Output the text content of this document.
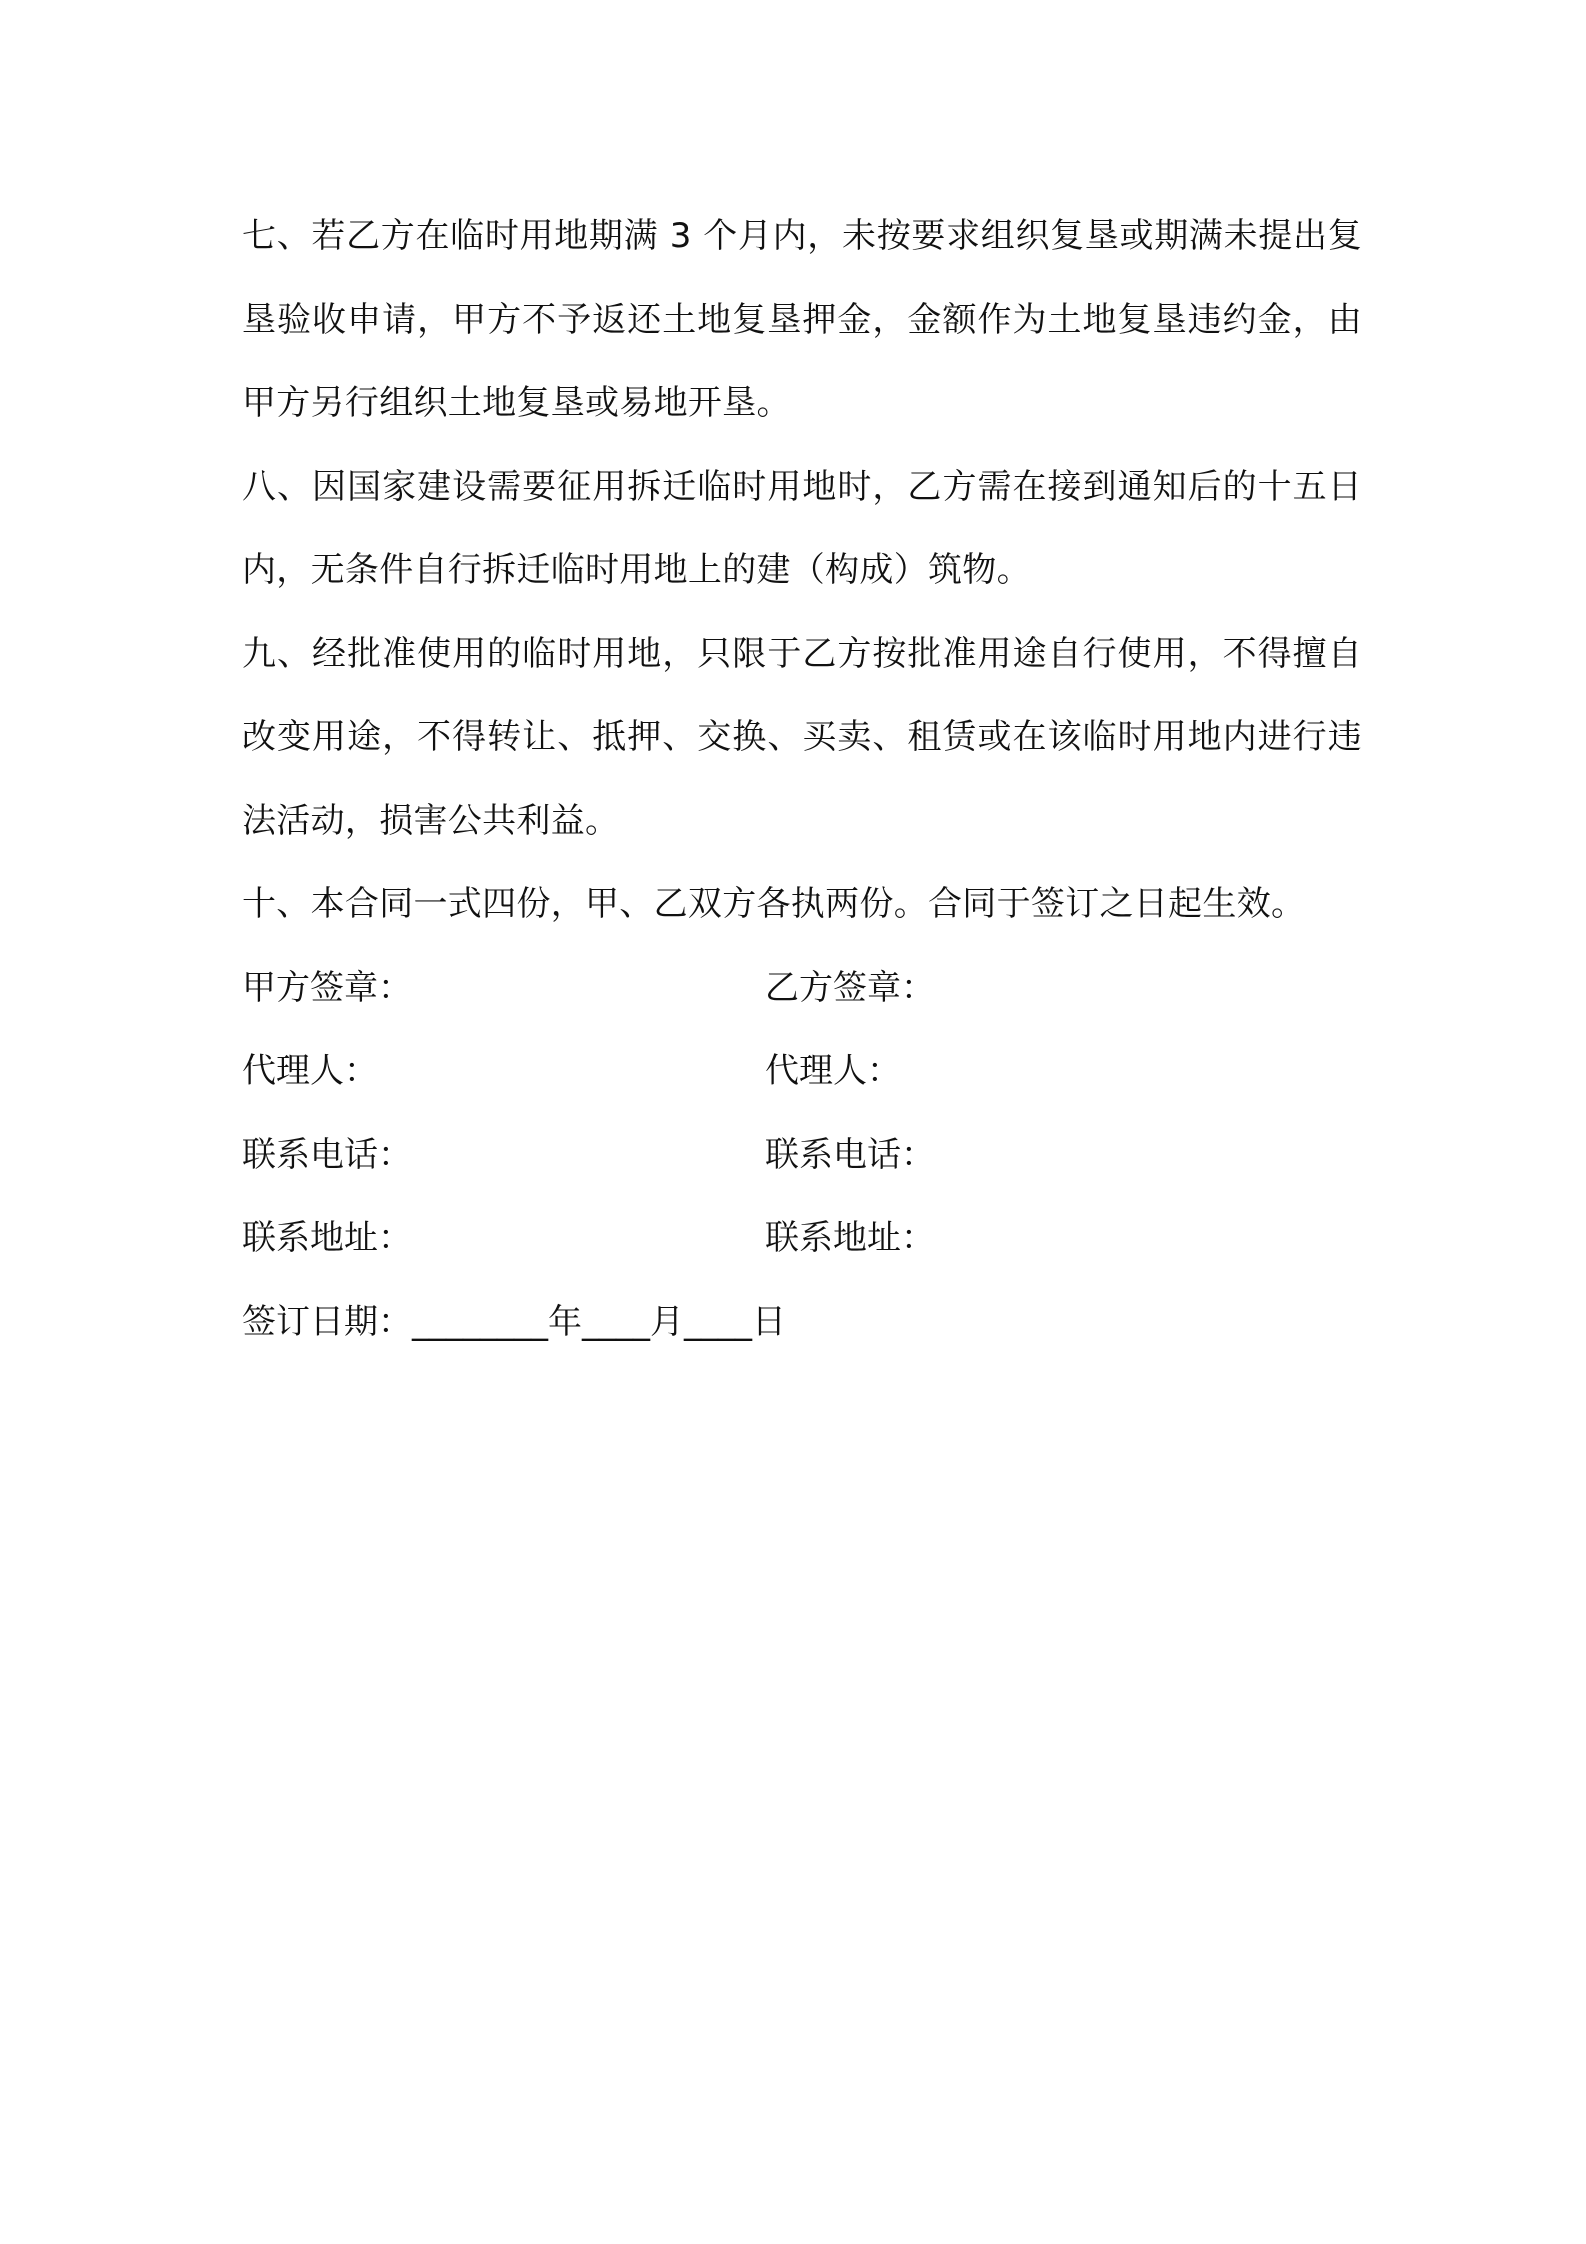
七、若乙方在临时用地期满 3 个月内，未按要求组织复垦或期满未提出复垦验收申请，甲方不予返还土地复垦押金，金额作为土地复垦违约金，由甲方另行组织土地复垦或易地开垦。

八、因国家建设需要征用拆迁临时用地时，乙方需在接到通知后的十五日内，无条件自行拆迁临时用地上的建（构成）筑物。

九、经批准使用的临时用地，只限于乙方按批准用途自行使用，不得擅自改变用途，不得转让、抵押、交换、买卖、租赁或在该临时用地内进行违法活动，损害公共利益。

十、本合同一式四份，甲、乙双方各执两份。合同于签订之日起生效。

甲方签章：	乙方签章：
代理人：	代理人：
联系电话：	联系电话：
联系地址：	联系地址：
签订日期：________年____月____日
